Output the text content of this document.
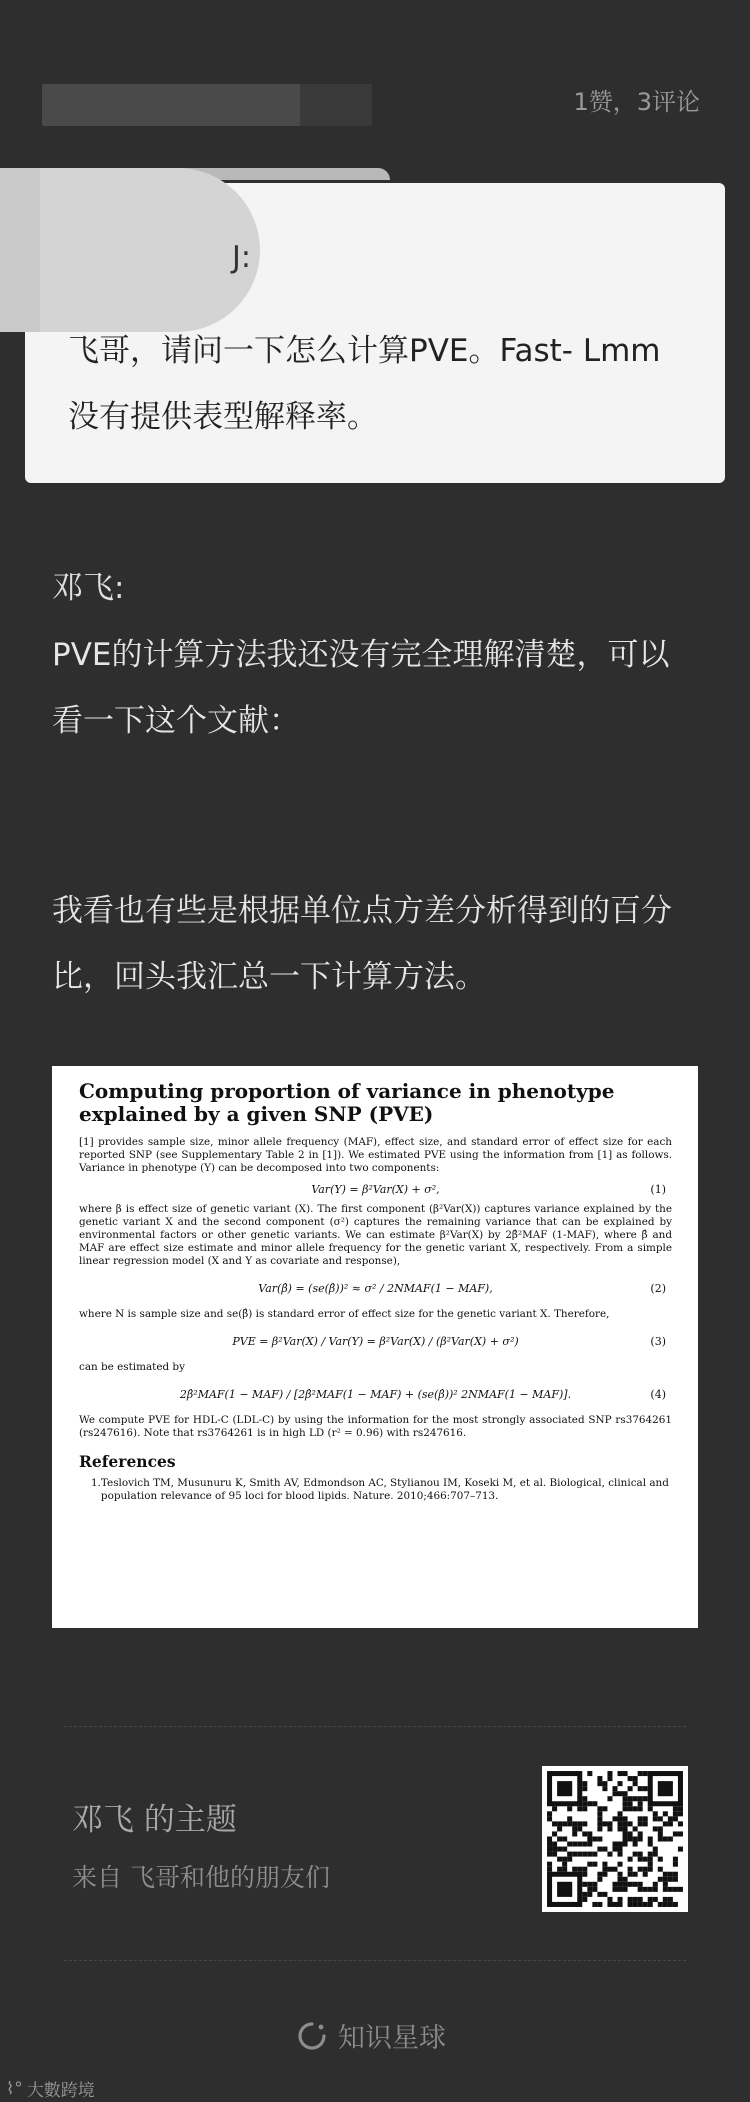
1赞，3评论
J:
飞哥，请问一下怎么计算PVE。Fast- Lmm 没有提供表型解释率。
邓飞:
PVE的计算方法我还没有完全理解清楚，可以看一下这个文献：
我看也有些是根据单位点方差分析得到的百分比，回头我汇总一下计算方法。
Computing proportion of variance in phenotype explained by a given SNP (PVE)

[1] provides sample size, minor allele frequency (MAF), effect size, and standard error of effect size for each reported SNP (see Supplementary Table 2 in [1]). We estimated PVE using the information from [1] as follows. Variance in phenotype (Y) can be decomposed into two components:

Var(Y) = β²Var(X) + σ²,	(1)

where β is effect size of genetic variant (X). The first component (β²Var(X)) captures variance explained by the genetic variant X and the second component (σ²) captures the remaining variance that can be explained by environmental factors or other genetic variants. We can estimate β²Var(X) by 2β̂²MAF (1-MAF), where β̂ and MAF are effect size estimate and minor allele frequency for the genetic variant X, respectively. From a simple linear regression model (X and Y as covariate and response),

Var(β̂) = (se(β̂))² ≈ σ² / 2NMAF(1 − MAF),	(2)

where N is sample size and se(β̂) is standard error of effect size for the genetic variant X. Therefore,

PVE = β²Var(X) / Var(Y) = β²Var(X) / (β²Var(X) + σ²)	(3)

can be estimated by

2β̂²MAF(1 − MAF) / [2β̂²MAF(1 − MAF) + (se(β̂))² 2NMAF(1 − MAF)].	(4)

We compute PVE for HDL-C (LDL-C) by using the information for the most strongly associated SNP rs3764261 (rs247616). Note that rs3764261 is in high LD (r² = 0.96) with rs247616.

References
1. Teslovich TM, Musunuru K, Smith AV, Edmondson AC, Stylianou IM, Koseki M, et al. Biological, clinical and population relevance of 95 loci for blood lipids. Nature. 2010;466:707–713.
邓飞 的主题
来自 飞哥和他的朋友们
知识星球
⌇° 大數跨境
